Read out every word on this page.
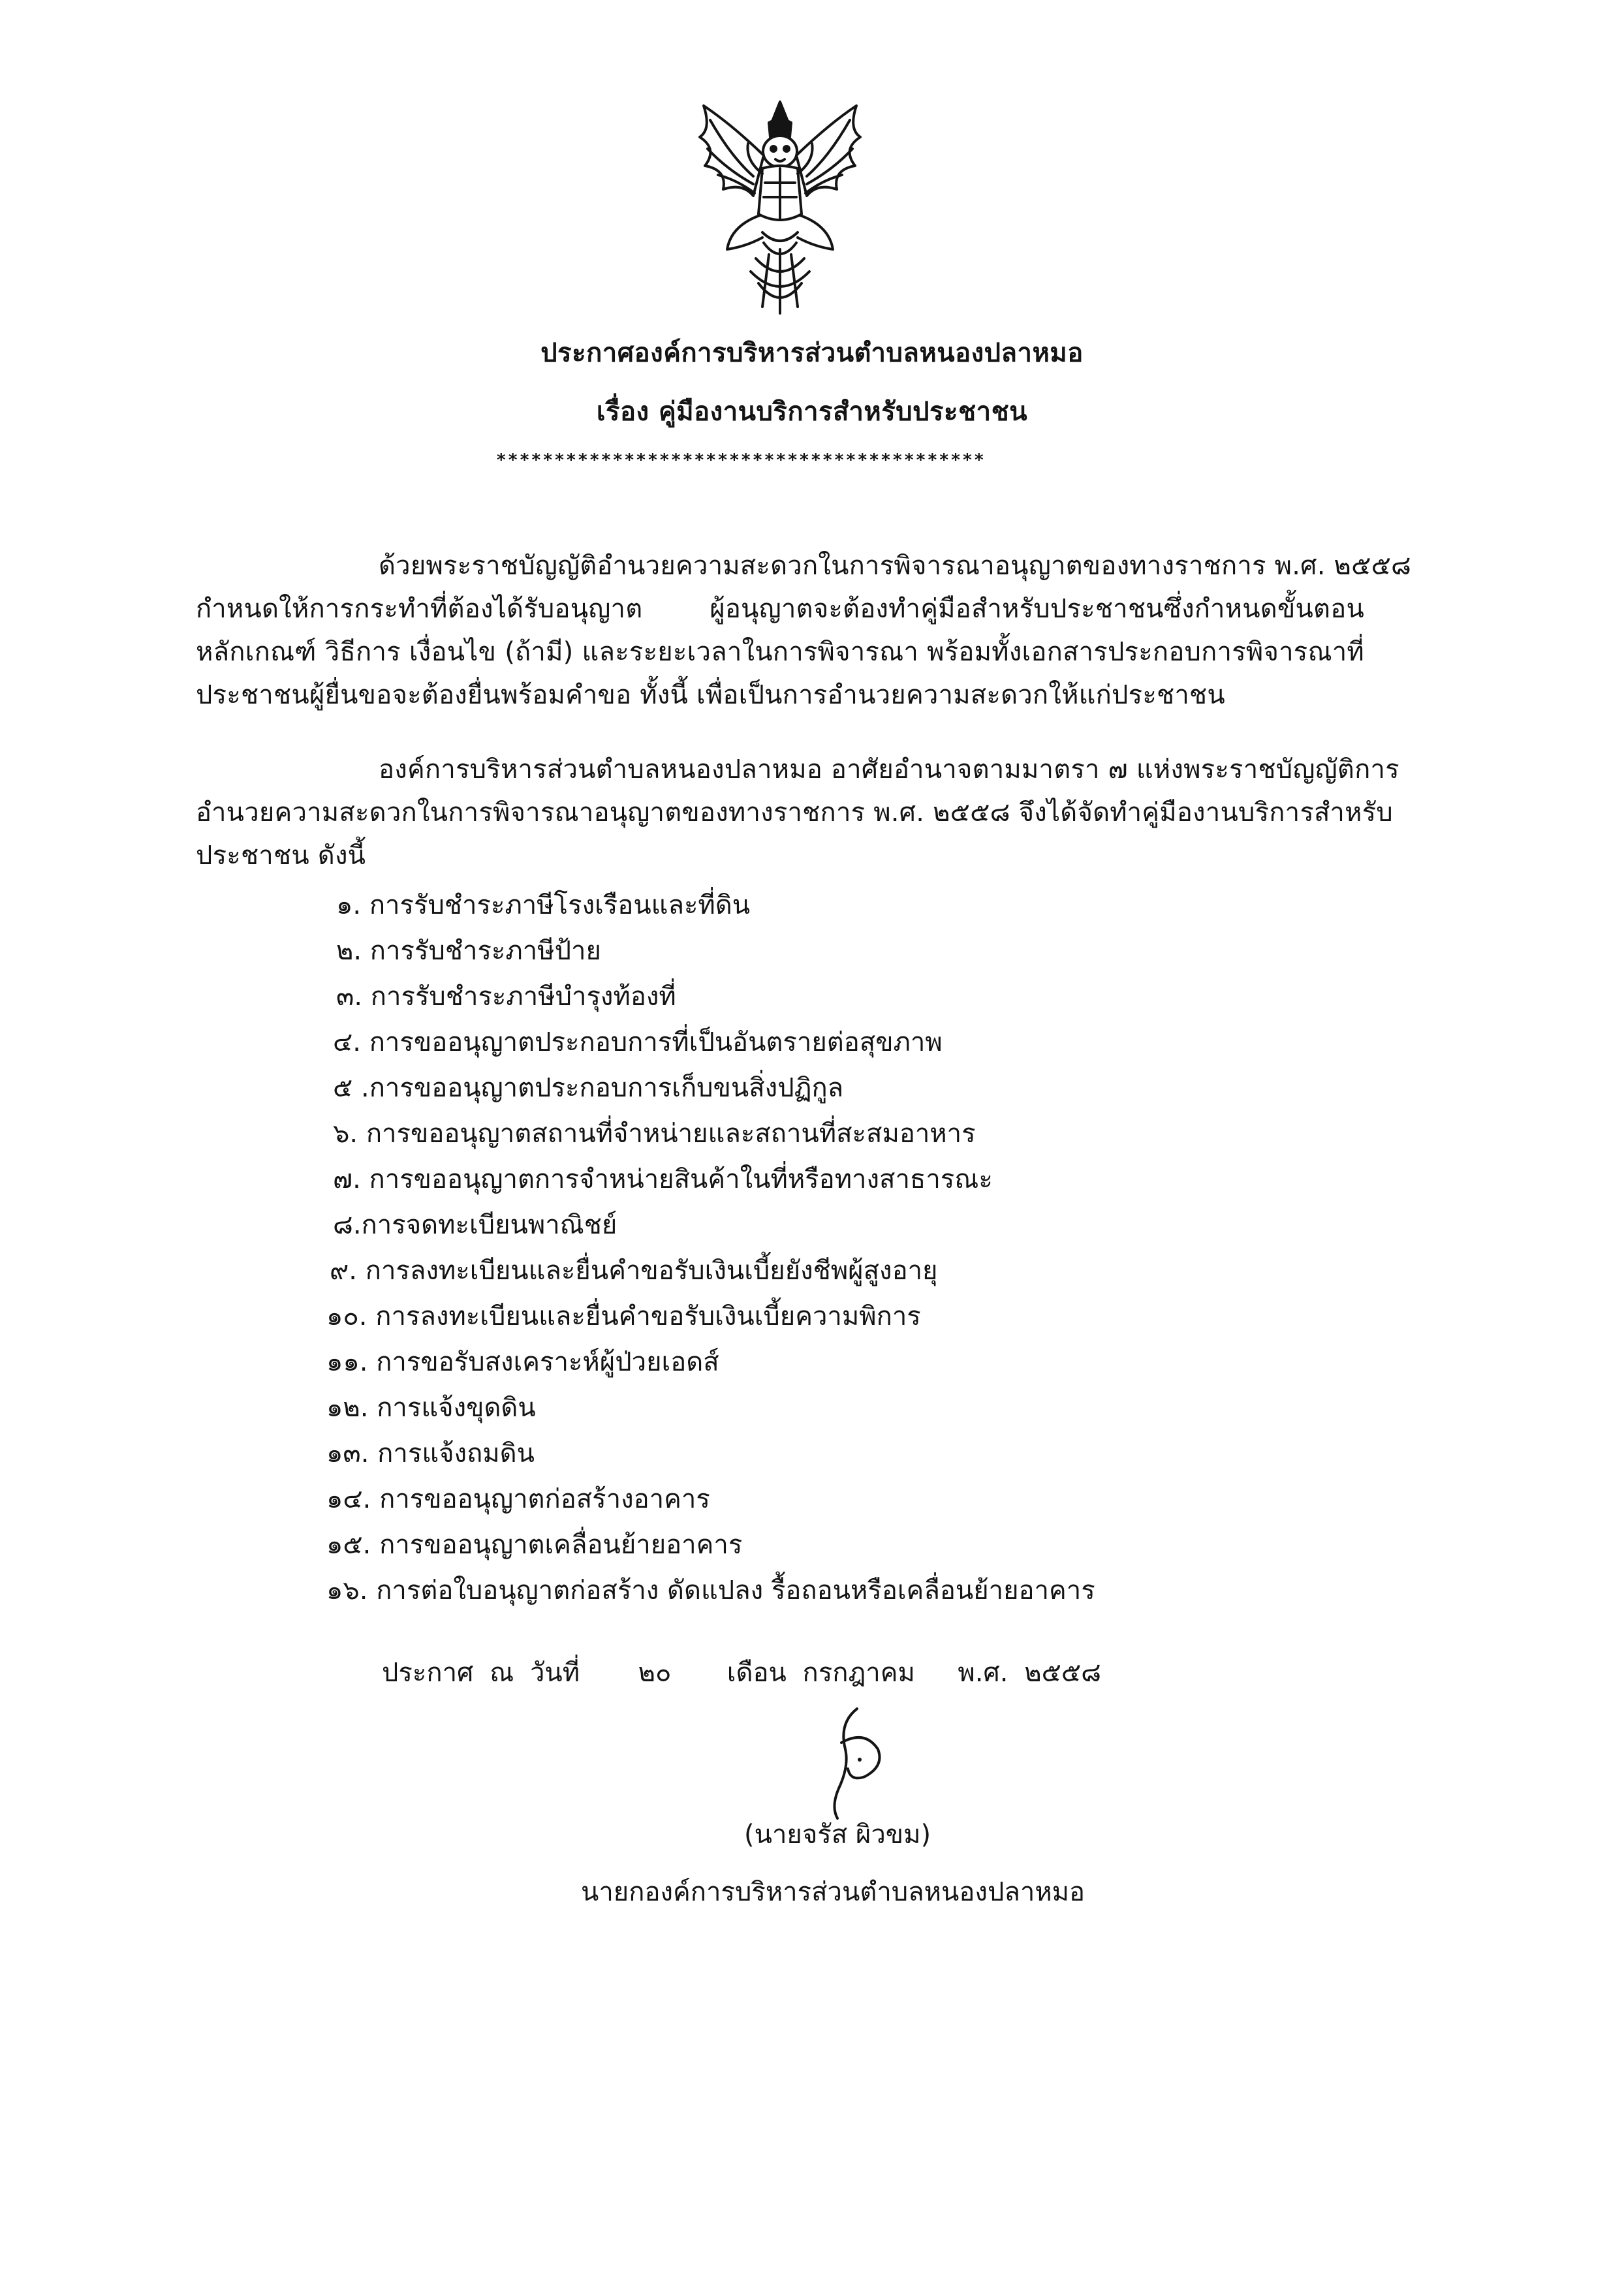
ประกาศองค์การบริหารส่วนตำบลหนองปลาหมอ
เรื่อง คู่มืองานบริการสำหรับประชาชน
******************************************
ด้วยพระราชบัญญัติอำนวยความสะดวกในการพิจารณาอนุญาตของทางราชการ พ.ศ. ๒๕๕๘
กำหนดให้การกระทำที่ต้องได้รับอนุญาต ผู้อนุญาตจะต้องทำคู่มือสำหรับประชาชนซึ่งกำหนดขั้นตอน
หลักเกณฑ์ วิธีการ เงื่อนไข (ถ้ามี) และระยะเวลาในการพิจารณา พร้อมทั้งเอกสารประกอบการพิจารณาที่
ประชาชนผู้ยื่นขอจะต้องยื่นพร้อมคำขอ ทั้งนี้ เพื่อเป็นการอำนวยความสะดวกให้แก่ประชาชน
องค์การบริหารส่วนตำบลหนองปลาหมอ อาศัยอำนาจตามมาตรา ๗ แห่งพระราชบัญญัติการ
อำนวยความสะดวกในการพิจารณาอนุญาตของทางราชการ พ.ศ. ๒๕๕๘ จึงได้จัดทำคู่มืองานบริการสำหรับ
ประชาชน ดังนี้
๑. การรับชำระภาษีโรงเรือนและที่ดิน
๒. การรับชำระภาษีป้าย
๓. การรับชำระภาษีบำรุงท้องที่
๔. การขออนุญาตประกอบการที่เป็นอันตรายต่อสุขภาพ
๕ .การขออนุญาตประกอบการเก็บขนสิ่งปฏิกูล
๖. การขออนุญาตสถานที่จำหน่ายและสถานที่สะสมอาหาร
๗. การขออนุญาตการจำหน่ายสินค้าในที่หรือทางสาธารณะ
๘.การจดทะเบียนพาณิชย์
๙. การลงทะเบียนและยื่นคำขอรับเงินเบี้ยยังชีพผู้สูงอายุ
๑๐. การลงทะเบียนและยื่นคำขอรับเงินเบี้ยความพิการ
๑๑. การขอรับสงเคราะห์ผู้ป่วยเอดส์
๑๒. การแจ้งขุดดิน
๑๓. การแจ้งถมดิน
๑๔. การขออนุญาตก่อสร้างอาคาร
๑๕. การขออนุญาตเคลื่อนย้ายอาคาร
๑๖. การต่อใบอนุญาตก่อสร้าง ดัดแปลง รื้อถอนหรือเคลื่อนย้ายอาคาร
ประกาศ ณ วันที่ ๒๐ เดือน กรกฎาคม พ.ศ. ๒๕๕๘
(นายจรัส ผิวขม)
นายกองค์การบริหารส่วนตำบลหนองปลาหมอ
